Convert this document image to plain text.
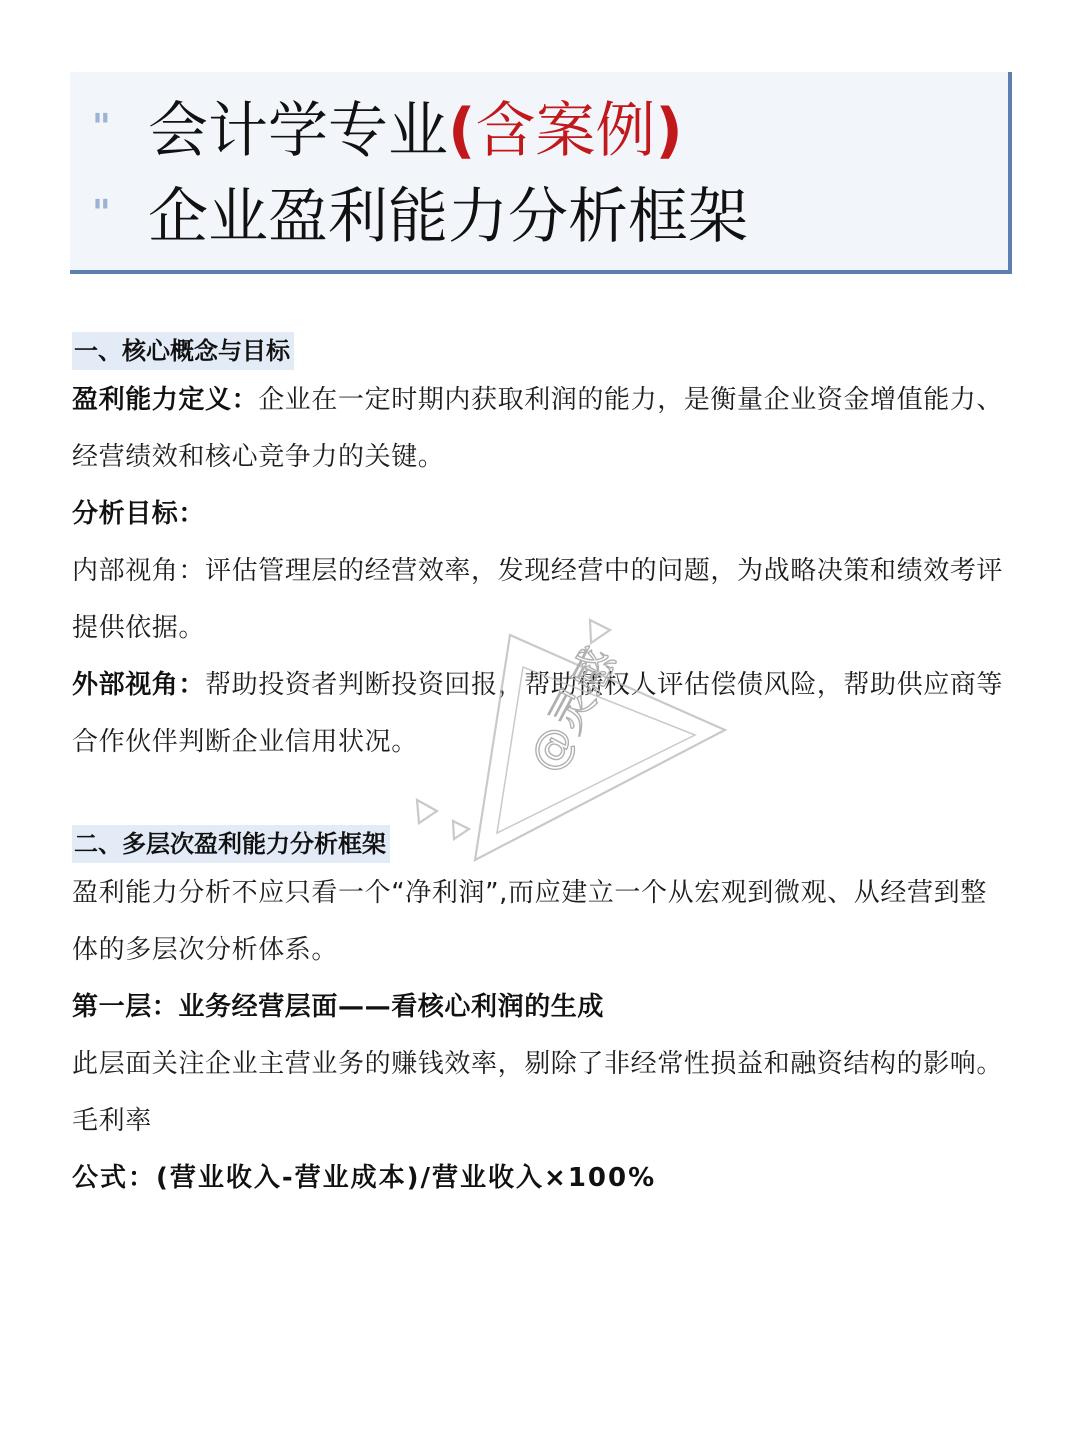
" 会计学专业(含案例)
" 企业盈利能力分析框架
一、核心概念与目标

盈利能力定义：企业在一定时期内获取利润的能力，是衡量企业资金增值能力、经营绩效和核心竞争力的关键。

分析目标：

内部视角：评估管理层的经营效率，发现经营中的问题，为战略决策和绩效考评提供依据。

外部视角：帮助投资者判断投资回报，帮助债权人评估偿债风险，帮助供应商等合作伙伴判断企业信用状况。

二、多层次盈利能力分析框架

盈利能力分析不应只看一个“净利润”,而应建立一个从宏观到微观、从经营到整体的多层次分析体系。

第一层：业务经营层面——看核心利润的生成

此层面关注企业主营业务的赚钱效率，剔除了非经常性损益和融资结构的影响。

毛利率

公式：(营业收入-营业成本)/营业收入×100%

@灵感
